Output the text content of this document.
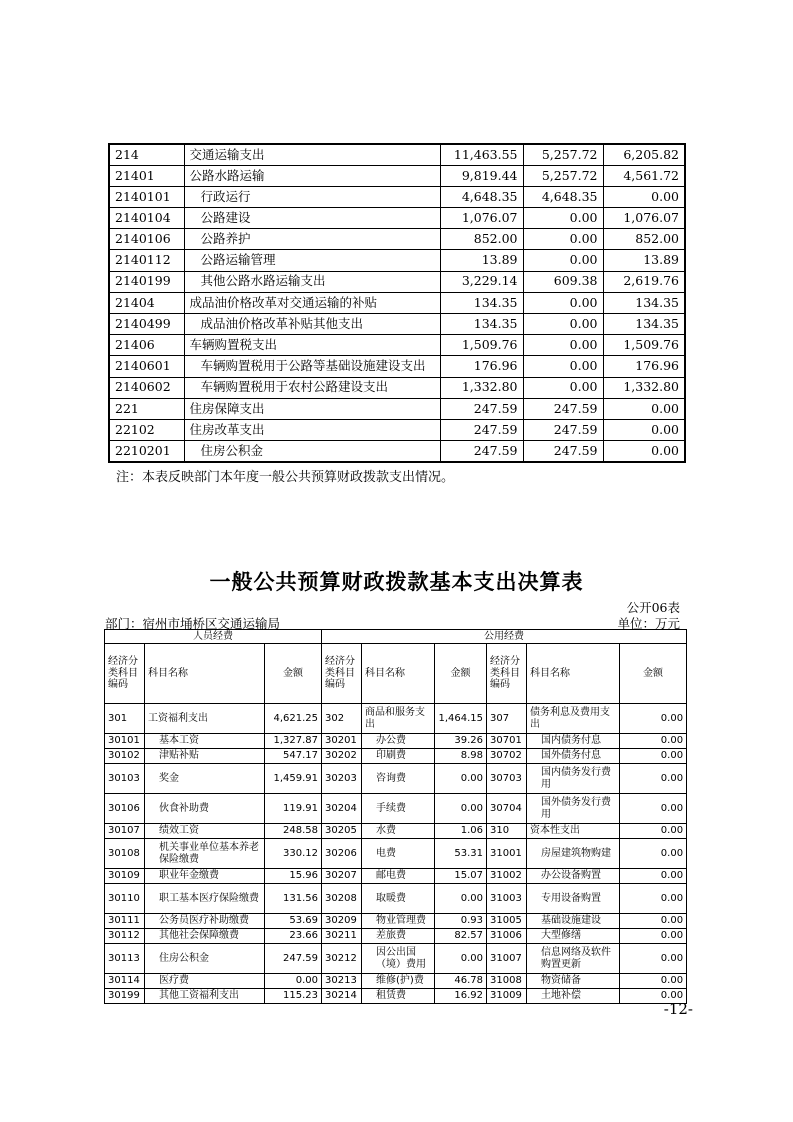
214	交通运输支出	11,463.55	5,257.72	6,205.82
21401	公路水路运输	9,819.44	5,257.72	4,561.72
2140101	行政运行	4,648.35	4,648.35	0.00
2140104	公路建设	1,076.07	0.00	1,076.07
2140106	公路养护	852.00	0.00	852.00
2140112	公路运输管理	13.89	0.00	13.89
2140199	其他公路水路运输支出	3,229.14	609.38	2,619.76
21404	成品油价格改革对交通运输的补贴	134.35	0.00	134.35
2140499	成品油价格改革补贴其他支出	134.35	0.00	134.35
21406	车辆购置税支出	1,509.76	0.00	1,509.76
2140601	车辆购置税用于公路等基础设施建设支出	176.96	0.00	176.96
2140602	车辆购置税用于农村公路建设支出	1,332.80	0.00	1,332.80
221	住房保障支出	247.59	247.59	0.00
22102	住房改革支出	247.59	247.59	0.00
2210201	住房公积金	247.59	247.59	0.00
注：本表反映部门本年度一般公共预算财政拨款支出情况。
一般公共预算财政拨款基本支出决算表
公开06表
部门：宿州市埇桥区交通运输局	单位：万元
人员经费			公用经费					
经济分类科目编码	科目名称	金额	经济分类科目编码	科目名称	金额	经济分类科目编码	科目名称	金额
301	工资福利支出	4,621.25	302	商品和服务支出	1,464.15	307	债务利息及费用支出	0.00
30101	基本工资	1,327.87	30201	办公费	39.26	30701	国内债务付息	0.00
30102	津贴补贴	547.17	30202	印刷费	8.98	30702	国外债务付息	0.00
30103	奖金	1,459.91	30203	咨询费	0.00	30703	国内债务发行费用	0.00
30106	伙食补助费	119.91	30204	手续费	0.00	30704	国外债务发行费用	0.00
30107	绩效工资	248.58	30205	水费	1.06	310	资本性支出	0.00
30108	机关事业单位基本养老保险缴费	330.12	30206	电费	53.31	31001	房屋建筑物购建	0.00
30109	职业年金缴费	15.96	30207	邮电费	15.07	31002	办公设备购置	0.00
30110	职工基本医疗保险缴费	131.56	30208	取暖费	0.00	31003	专用设备购置	0.00
30111	公务员医疗补助缴费	53.69	30209	物业管理费	0.93	31005	基础设施建设	0.00
30112	其他社会保障缴费	23.66	30211	差旅费	82.57	31006	大型修缮	0.00
30113	住房公积金	247.59	30212	因公出国（境）费用	0.00	31007	信息网络及软件购置更新	0.00
30114	医疗费	0.00	30213	维修(护)费	46.78	31008	物资储备	0.00
30199	其他工资福利支出	115.23	30214	租赁费	16.92	31009	土地补偿	0.00
-12-
